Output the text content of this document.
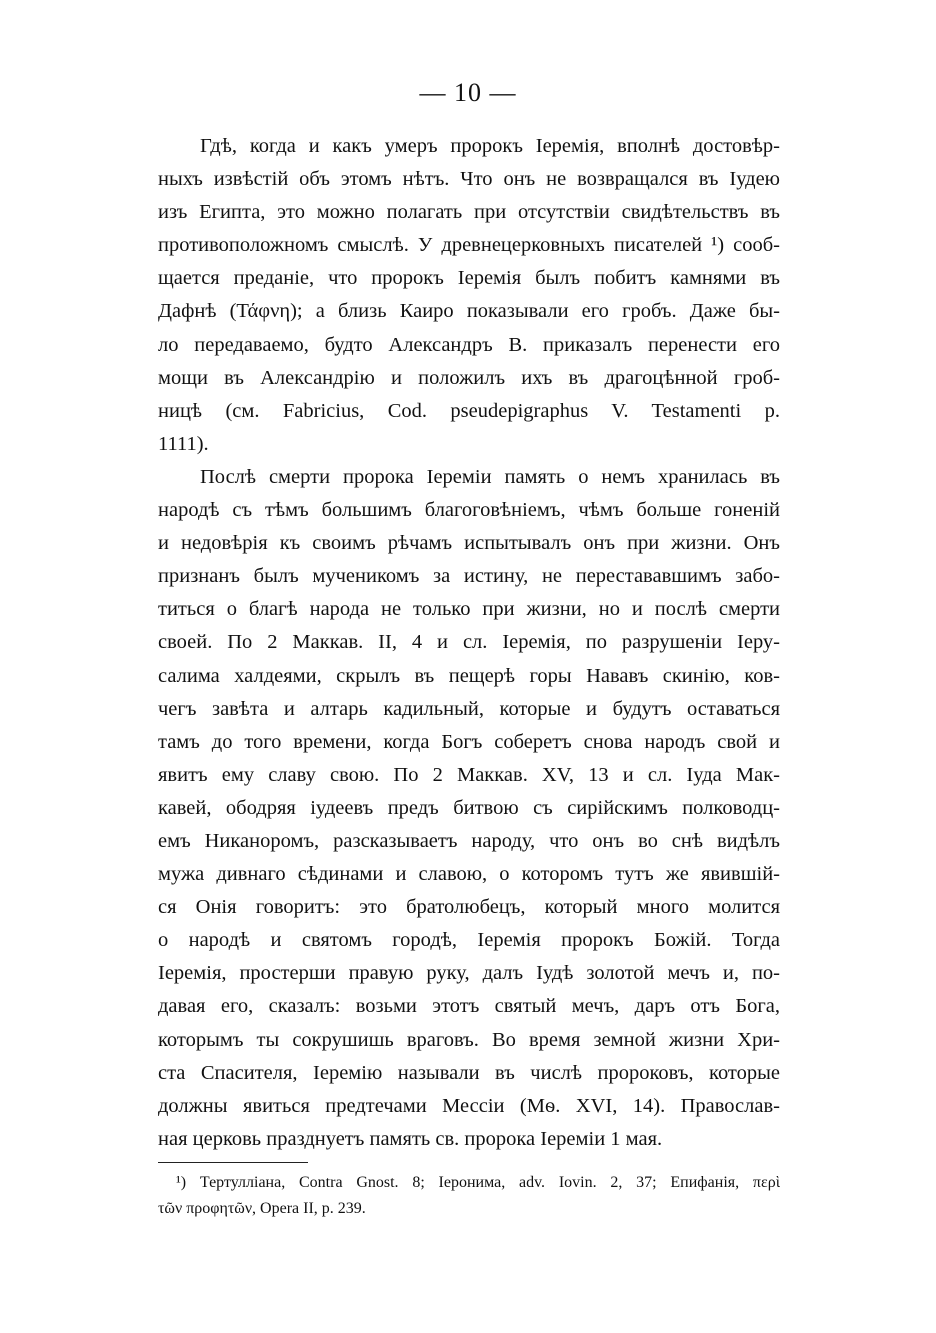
— 10 —
Гдѣ, когда и какъ умеръ пророкъ Іеремія, вполнѣ достовѣр-
ныхъ извѣстій объ этомъ нѣтъ. Что онъ не возвращался въ Іудею
изъ Египта, это можно полагать при отсутствіи свидѣтельствъ въ
противоположномъ смыслѣ. У древнецерковныхъ писателей ¹) сооб-
щается преданіе, что пророкъ Іеремія былъ побитъ камнями въ
Дафнѣ (Τάφνη); а близь Каиро показывали его гробъ. Даже бы-
ло передаваемо, будто Александръ В. приказалъ перенести его
мощи въ Александрію и положилъ ихъ въ драгоцѣнной гроб-
ницѣ (см. Fabricius, Cod. pseudepigraphus V. Testamenti p.
1111).
Послѣ смерти пророка Іереміи память о немъ хранилась въ
народѣ съ тѣмъ большимъ благоговѣніемъ, чѣмъ больше гоненій
и недовѣрія къ своимъ рѣчамъ испытывалъ онъ при жизни. Онъ
признанъ былъ мученикомъ за истину, не перестававшимъ забо-
титься о благѣ народа не только при жизни, но и послѣ смерти
своей. По 2 Маккав. II, 4 и сл. Іеремія, по разрушеніи Іеру-
салима халдеями, скрылъ въ пещерѣ горы Нававъ скинію, ков-
чегъ завѣта и алтарь кадильный, которые и будутъ оставаться
тамъ до того времени, когда Богъ соберетъ снова народъ свой и
явитъ ему славу свою. По 2 Маккав. XV, 13 и сл. Іуда Мак-
кавей, ободряя іудеевъ предъ битвою съ сирійскимъ полководц-
емъ Никаноромъ, разсказываетъ народу, что онъ во снѣ видѣлъ
мужа дивнаго сѣдинами и славою, о которомъ тутъ же явившій-
ся Онія говоритъ: это братолюбецъ, который много молится
о народѣ и святомъ городѣ, Іеремія пророкъ Божій. Тогда
Іеремія, простерши правую руку, далъ Іудѣ золотой мечъ и, по-
давая его, сказалъ: возьми этотъ святый мечъ, даръ отъ Бога,
которымъ ты сокрушишь враговъ. Во время земной жизни Хри-
ста Спасителя, Іеремію называли въ числѣ пророковъ, которые
должны явиться предтечами Мессіи (Мѳ. XVI, 14). Православ-
ная церковь празднуетъ память св. пророка Іереміи 1 мая.
¹) Тертулліана, Contra Gnost. 8; Іеронима, adv. Iovin. 2, 37; Епифанія, περὶ
τῶν προφητῶν, Opera II, p. 239.
